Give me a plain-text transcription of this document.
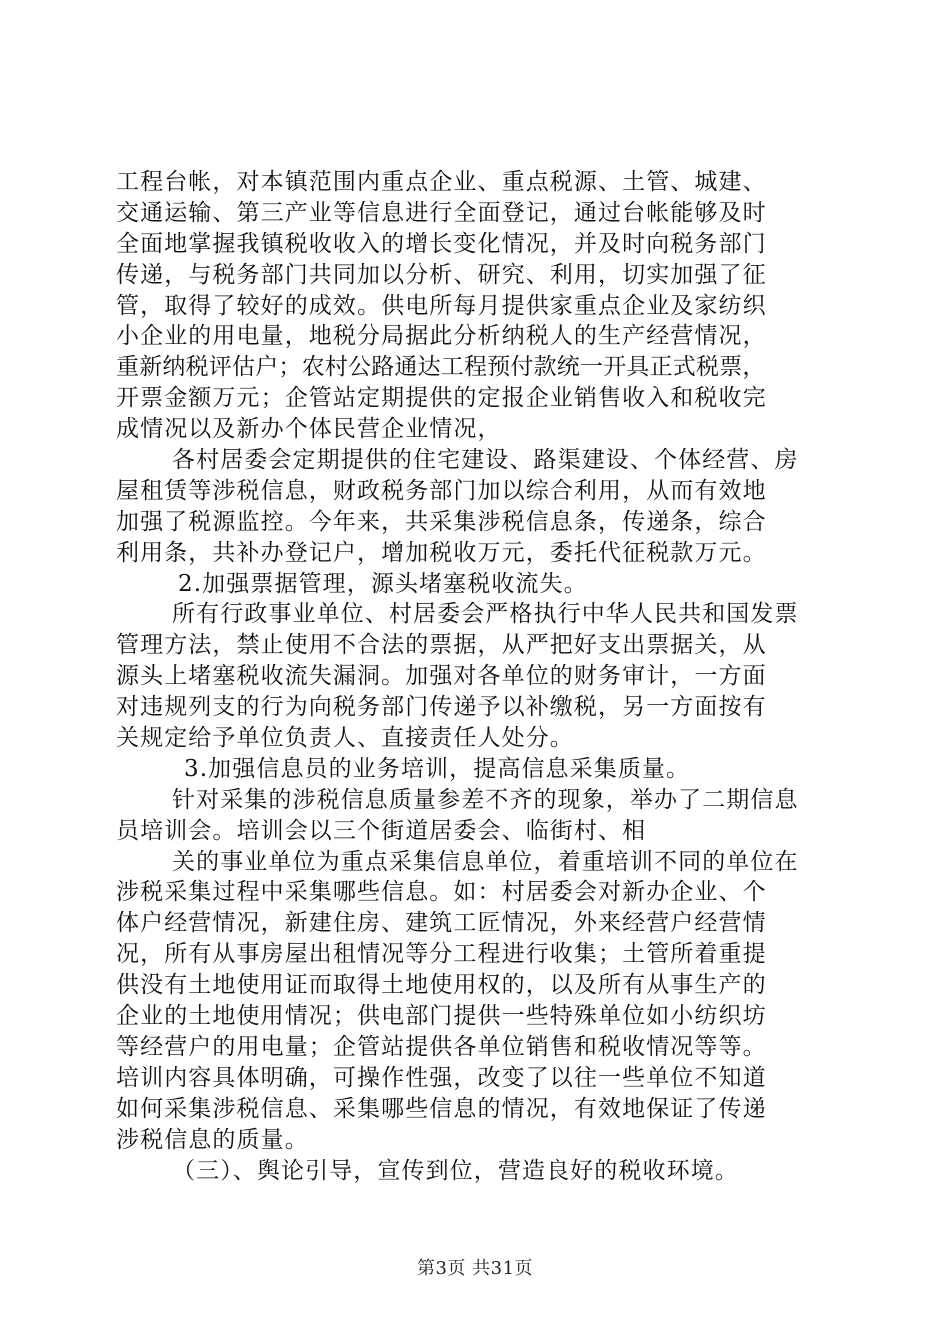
工程台帐，对本镇范围内重点企业、重点税源、土管、城建、
交通运输、第三产业等信息进行全面登记，通过台帐能够及时
全面地掌握我镇税收收入的增长变化情况，并及时向税务部门
传递，与税务部门共同加以分析、研究、利用，切实加强了征
管，取得了较好的成效。供电所每月提供家重点企业及家纺织
小企业的用电量，地税分局据此分析纳税人的生产经营情况，
重新纳税评估户；农村公路通达工程预付款统一开具正式税票，
开票金额万元；企管站定期提供的定报企业销售收入和税收完
成情况以及新办个体民营企业情况，
各村居委会定期提供的住宅建设、路渠建设、个体经营、房
屋租赁等涉税信息，财政税务部门加以综合利用，从而有效地
加强了税源监控。今年来，共采集涉税信息条，传递条，综合
利用条，共补办登记户，增加税收万元，委托代征税款万元。
2.加强票据管理，源头堵塞税收流失。
所有行政事业单位、村居委会严格执行中华人民共和国发票
管理方法，禁止使用不合法的票据，从严把好支出票据关，从
源头上堵塞税收流失漏洞。加强对各单位的财务审计，一方面
对违规列支的行为向税务部门传递予以补缴税，另一方面按有
关规定给予单位负责人、直接责任人处分。
3.加强信息员的业务培训，提高信息采集质量。
针对采集的涉税信息质量参差不齐的现象，举办了二期信息
员培训会。培训会以三个街道居委会、临街村、相
关的事业单位为重点采集信息单位，着重培训不同的单位在
涉税采集过程中采集哪些信息。如：村居委会对新办企业、个
体户经营情况，新建住房、建筑工匠情况，外来经营户经营情
况，所有从事房屋出租情况等分工程进行收集；土管所着重提
供没有土地使用证而取得土地使用权的，以及所有从事生产的
企业的土地使用情况；供电部门提供一些特殊单位如小纺织坊
等经营户的用电量；企管站提供各单位销售和税收情况等等。
培训内容具体明确，可操作性强，改变了以往一些单位不知道
如何采集涉税信息、采集哪些信息的情况，有效地保证了传递
涉税信息的质量。
（三）、舆论引导，宣传到位，营造良好的税收环境。
第3页 共31页
